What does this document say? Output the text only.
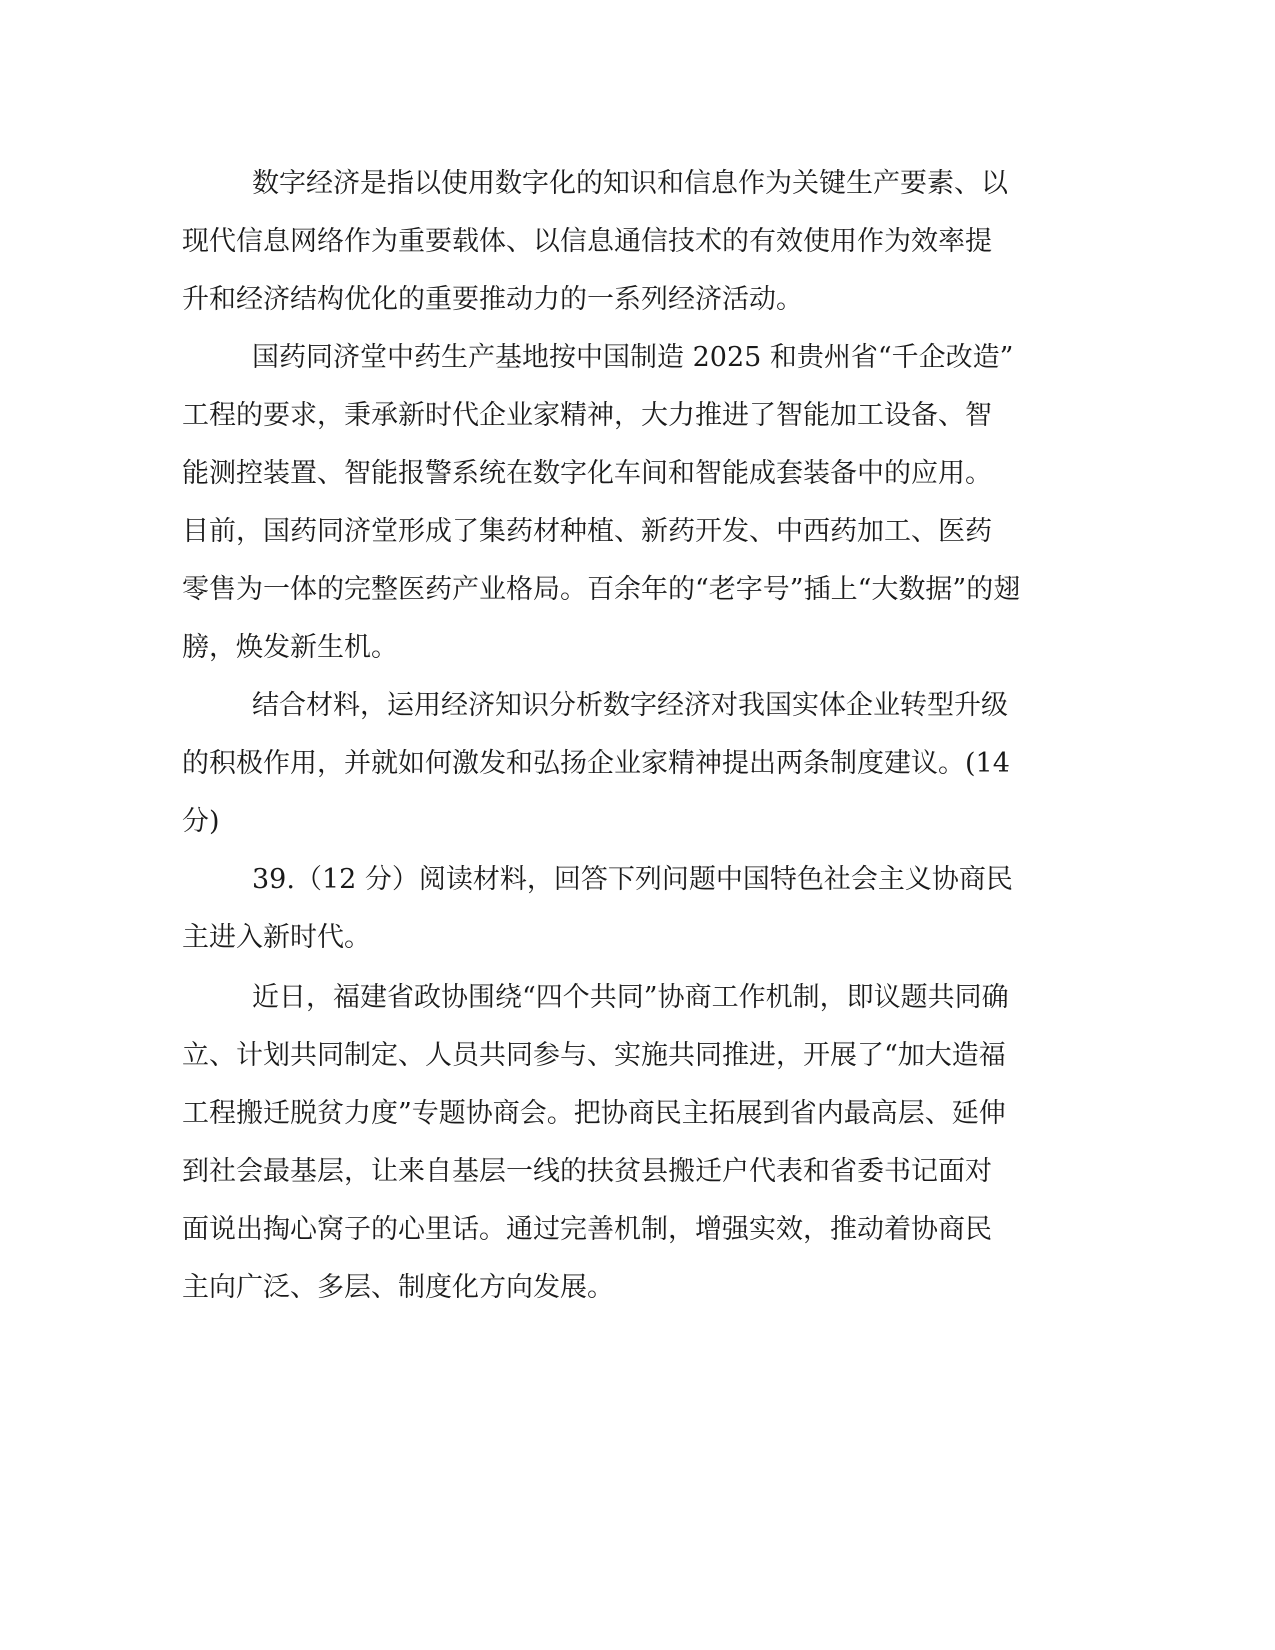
数字经济是指以使用数字化的知识和信息作为关键生产要素、以
现代信息网络作为重要载体、以信息通信技术的有效使用作为效率提
升和经济结构优化的重要推动力的一系列经济活动。
国药同济堂中药生产基地按中国制造 2025 和贵州省“千企改造”
工程的要求，秉承新时代企业家精神，大力推进了智能加工设备、智
能测控装置、智能报警系统在数字化车间和智能成套装备中的应用。
目前，国药同济堂形成了集药材种植、新药开发、中西药加工、医药
零售为一体的完整医药产业格局。百余年的“老字号”插上“大数据”的翅
膀，焕发新生机。
结合材料，运用经济知识分析数字经济对我国实体企业转型升级
的积极作用，并就如何激发和弘扬企业家精神提出两条制度建议。(14
分)
39.（12 分）阅读材料，回答下列问题中国特色社会主义协商民
主进入新时代。
近日，福建省政协围绕“四个共同”协商工作机制，即议题共同确
立、计划共同制定、人员共同参与、实施共同推进，开展了“加大造福
工程搬迁脱贫力度”专题协商会。把协商民主拓展到省内最高层、延伸
到社会最基层，让来自基层一线的扶贫县搬迁户代表和省委书记面对
面说出掏心窝子的心里话。通过完善机制，增强实效，推动着协商民
主向广泛、多层、制度化方向发展。
